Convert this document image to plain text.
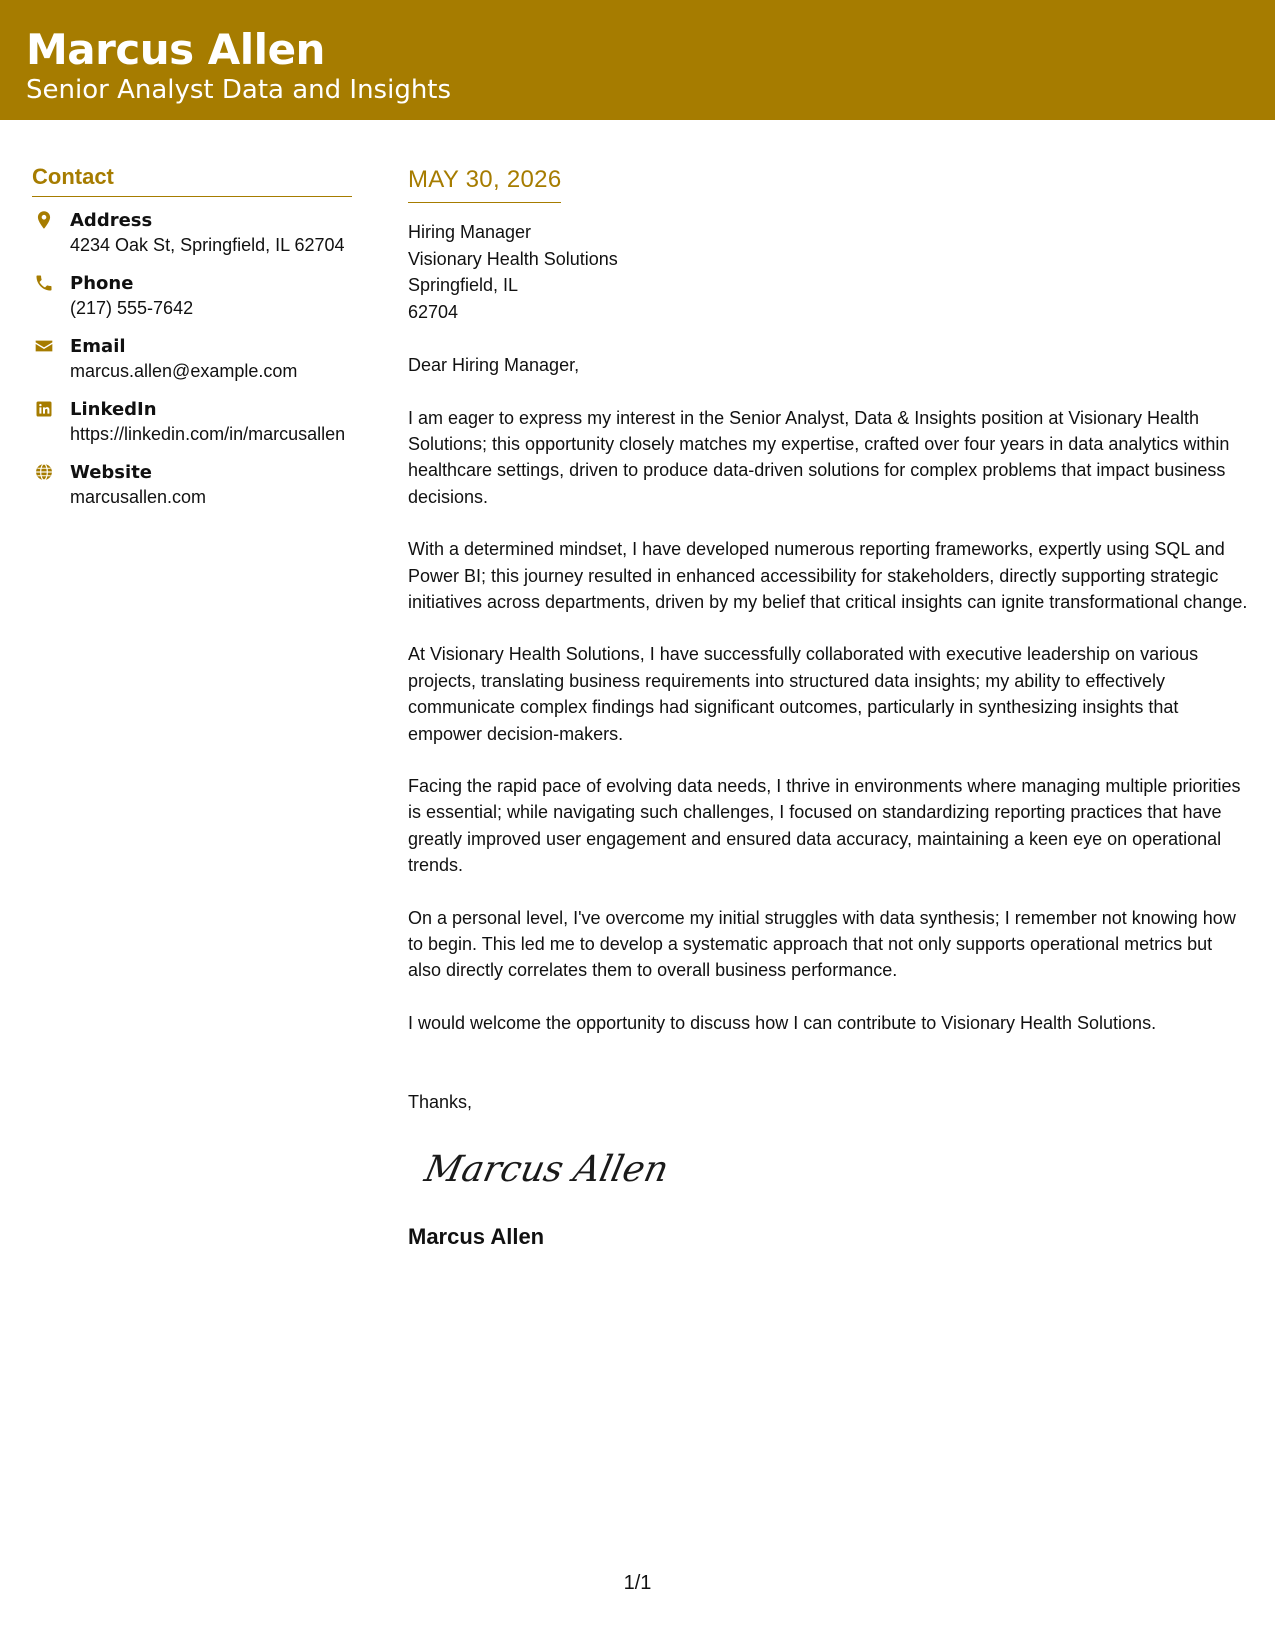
Marcus Allen
Senior Analyst Data and Insights
Contact
Address
4234 Oak St, Springfield, IL 62704
Phone
(217) 555-7642
Email
marcus.allen@example.com
LinkedIn
https://linkedin.com/in/marcusallen
Website
marcusallen.com
MAY 30, 2026
Hiring Manager
Visionary Health Solutions
Springfield, IL
62704
Dear Hiring Manager,
I am eager to express my interest in the Senior Analyst, Data & Insights position at Visionary Health Solutions; this opportunity closely matches my expertise, crafted over four years in data analytics within healthcare settings, driven to produce data-driven solutions for complex problems that impact business decisions.
With a determined mindset, I have developed numerous reporting frameworks, expertly using SQL and Power BI; this journey resulted in enhanced accessibility for stakeholders, directly supporting strategic initiatives across departments, driven by my belief that critical insights can ignite transformational change.
At Visionary Health Solutions, I have successfully collaborated with executive leadership on various projects, translating business requirements into structured data insights; my ability to effectively communicate complex findings had significant outcomes, particularly in synthesizing insights that empower decision-makers.
Facing the rapid pace of evolving data needs, I thrive in environments where managing multiple priorities is essential; while navigating such challenges, I focused on standardizing reporting practices that have greatly improved user engagement and ensured data accuracy, maintaining a keen eye on operational trends.
On a personal level, I've overcome my initial struggles with data synthesis; I remember not knowing how to begin. This led me to develop a systematic approach that not only supports operational metrics but also directly correlates them to overall business performance.
I would welcome the opportunity to discuss how I can contribute to Visionary Health Solutions.
Thanks,
Marcus Allen
Marcus Allen
1/1
